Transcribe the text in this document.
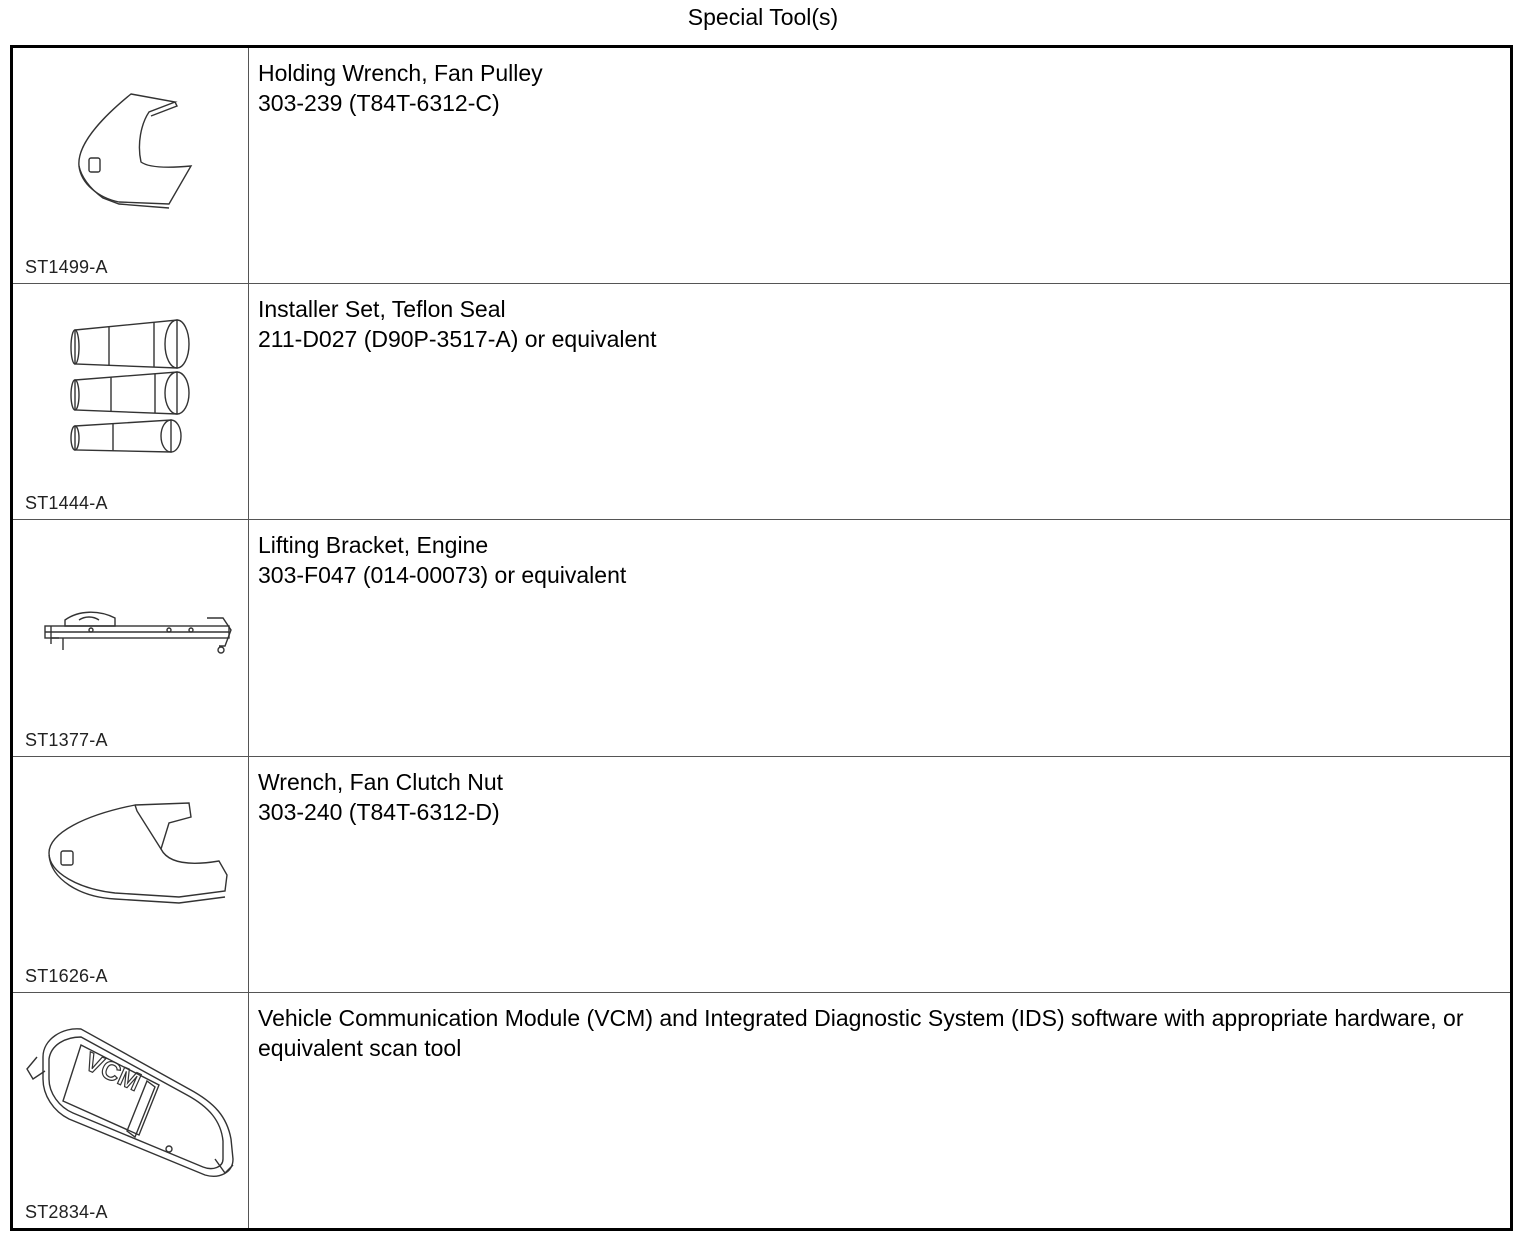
Special Tool(s)
ST1499-A
Holding Wrench, Fan Pulley
303-239 (T84T-6312-C)
ST1444-A
Installer Set, Teflon Seal
211-D027 (D90P-3517-A) or equivalent
ST1377-A
Lifting Bracket, Engine
303-F047 (014-00073) or equivalent
ST1626-A
Wrench, Fan Clutch Nut
303-240 (T84T-6312-D)
VCM
ST2834-A
Vehicle Communication Module (VCM) and Integrated Diagnostic System (IDS) software with appropriate hardware, or equivalent scan tool
